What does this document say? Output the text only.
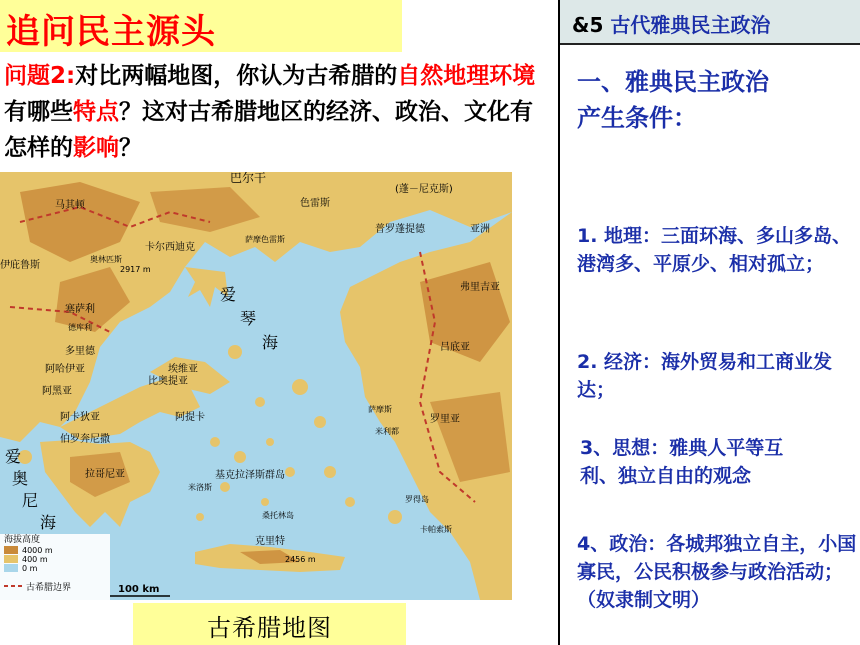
追问民主源头
问题2:对比两幅地图，你认为古希腊的自然地理环境有哪些特点？这对古希腊地区的经济、政治、文化有怎样的影响？
巴尔干
马其顿	色雷斯
普罗蓬提德
(蓬－尼克斯)
卡尔西迪克
萨摩色雷斯
伊庇鲁斯
奥林匹斯
2917 m
塞萨利
德库利
爱
琴
海
多里德
埃维亚
吕底亚
弗里吉亚
阿哈伊亚
比奥提亚
阿提卡
阿黑亚
阿卡狄亚
伯罗奔尼撒
拉哥尼亚
萨摩斯
米利都
爱
奥
尼
海
基克拉泽斯群岛
米洛斯
桑托林岛
克里特
罗得岛
卡帕索斯
亚洲
2456 m
罗里亚
海拔高度
4000 m
400 m
0 m
古希腊边界	100 km
古希腊地图
&5 古代雅典民主政治
一、雅典民主政治
产生条件：
1. 地理：三面环海、多山多岛、港湾多、平原少、相对孤立；
2. 经济：海外贸易和工商业发达；
3、思想：雅典人平等互利、独立自由的观念
4、政治：各城邦独立自主，小国寡民，公民积极参与政治活动；（奴隶制文明）
